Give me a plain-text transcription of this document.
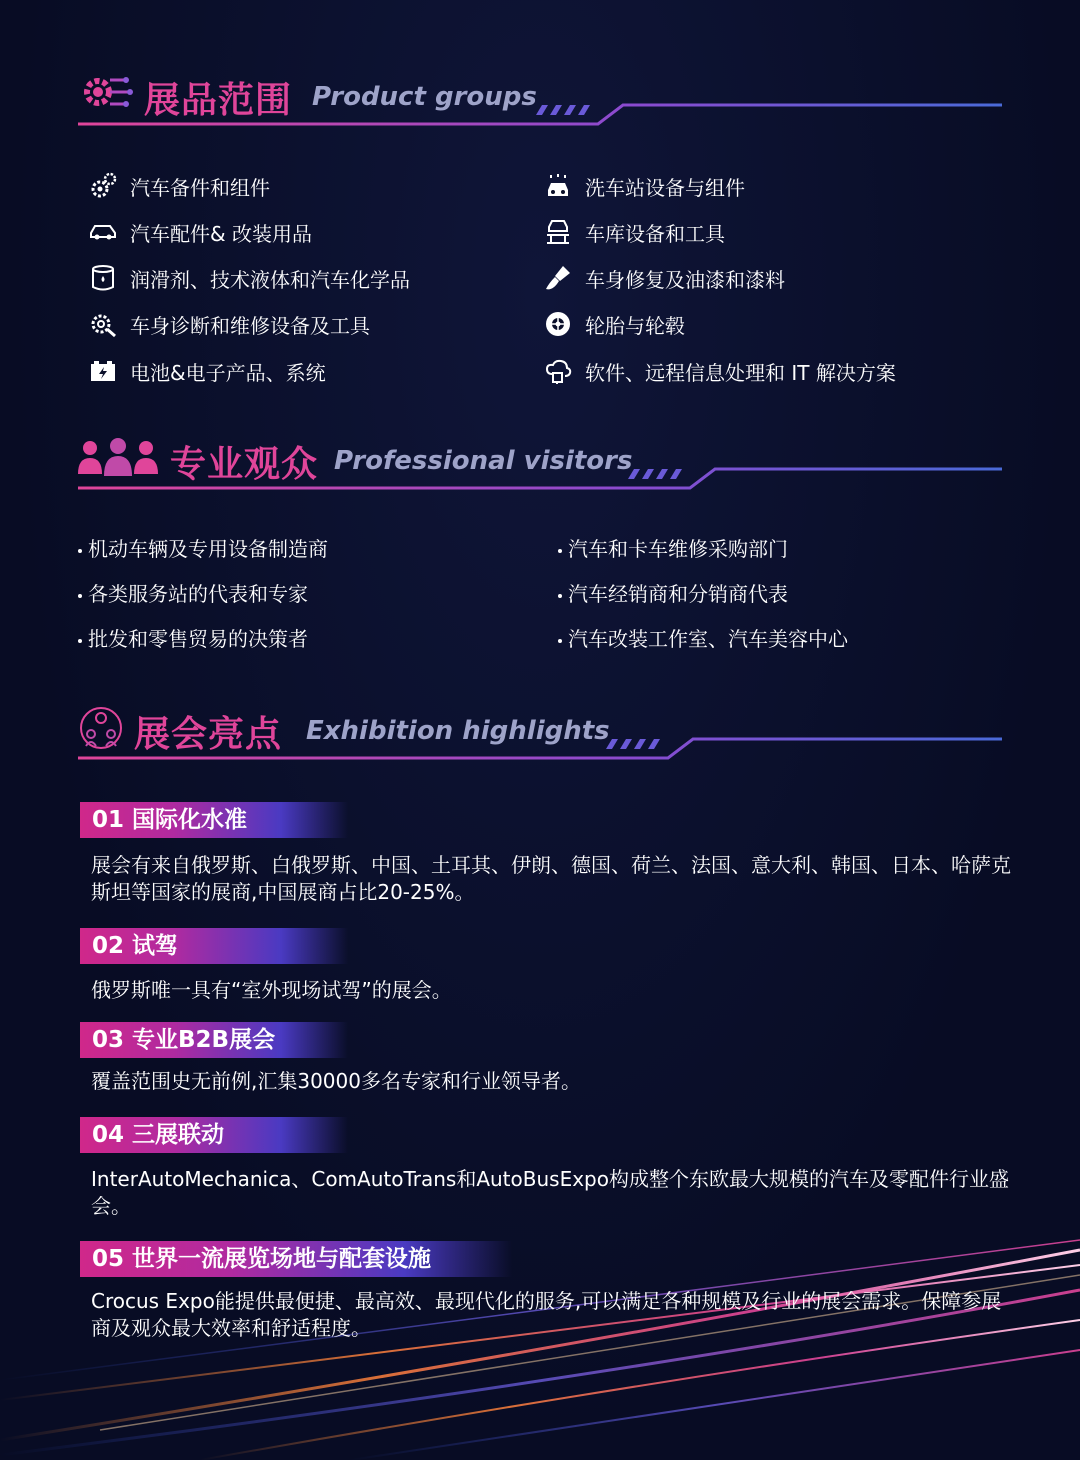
展品范围 Product groups
汽车备件和组件
汽车配件& 改装用品
润滑剂、技术液体和汽车化学品
车身诊断和维修设备及工具
电池&电子产品、系统
洗车站设备与组件
车库设备和工具
车身修复及油漆和漆料
轮胎与轮毂
软件、远程信息处理和 IT 解决方案
专业观众 Professional visitors
机动车辆及专用设备制造商
各类服务站的代表和专家
批发和零售贸易的决策者
汽车和卡车维修采购部门
汽车经销商和分销商代表
汽车改装工作室、汽车美容中心
展会亮点 Exhibition highlights
01 国际化水准
展会有来自俄罗斯、白俄罗斯、中国、土耳其、伊朗、德国、荷兰、法国、意大利、韩国、日本、哈萨克斯坦等国家的展商,中国展商占比20-25%。
02 试驾
俄罗斯唯一具有“室外现场试驾”的展会。
03 专业B2B展会
覆盖范围史无前例,汇集30000多名专家和行业领导者。
04 三展联动
InterAutoMechanica、ComAutoTrans和AutoBusExpo构成整个东欧最大规模的汽车及零配件行业盛会。
05 世界一流展览场地与配套设施
Crocus Expo能提供最便捷、最高效、最现代化的服务,可以满足各种规模及行业的展会需求。保障参展商及观众最大效率和舒适程度。
